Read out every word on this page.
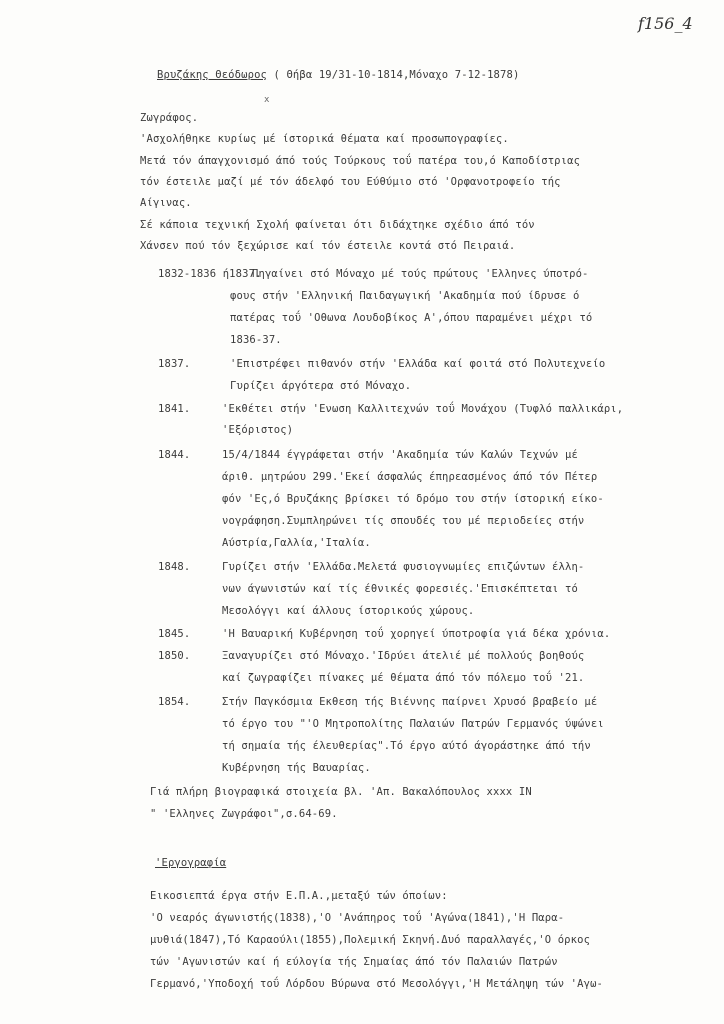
f156_4
Βρυζάκης Θεόδωρος ( Θήβα 19/31-10-1814,Μόναχο 7-12-1878)
x
Ζωγράφος.
'Ασχολήθηκε κυρίως μέ ίστορικά θέματα καί προσωπογραφίες.
Μετά τόν άπαγχονισμό άπό τούς Τούρκους τοΰ πατέρα του,ό Καποδίστριας
τόν έστειλε μαζί μέ τόν άδελφό του Εύθύμιο στό 'Ορφανοτροφείο τής
Αίγινας.
Σέ κάποια τεχνική Σχολή φαίνεται ότι διδάχτηκε σχέδιο άπό τόν
Χάνσεν πού τόν ξεχώρισε καί τόν έστειλε κοντά στό Πειραιά.
1832-1836 ή1837.
Πηγαίνει στό Μόναχο μέ τούς πρώτους 'Ελληνες ύποτρό-
φους στήν 'Ελληνική Παιδαγωγική 'Ακαδημία πού ίδρυσε ό
πατέρας τοΰ 'Οθωνα Λουδοβίκος Α',όπου παραμένει μέχρι τό
1836-37.
1837.	'Επιστρέφει πιθανόν στήν 'Ελλάδα καί φοιτά στό Πολυτεχνείο
Γυρίζει άργότερα στό Μόναχο.
1841.	'Εκθέτει στήν 'Ενωση Καλλιτεχνών τοΰ Μονάχου (Τυφλό παλλικάρι,
'Εξόριστος)
1844.	15/4/1844 έγγράφεται στήν 'Ακαδημία τών Καλών Τεχνών μέ
άριθ. μητρώου 299.'Εκεί άσφαλώς έπηρεασμένος άπό τόν Πέτερ
φόν 'Ες,ό Βρυζάκης βρίσκει τό δρόμο του στήν ίστορική είκο-
νογράφηση.Συμπληρώνει τίς σπουδές του μέ περιοδείες στήν
Αύστρία,Γαλλία,'Ιταλία.
1848.	Γυρίζει στήν 'Ελλάδα.Μελετά φυσιογνωμίες επιζώντων έλλη-
νων άγωνιστών καί τίς έθνικές φορεσιές.'Επισκέπτεται τό
Μεσολόγγι καί άλλους ίστορικούς χώρους.
1845.	'Η Βαυαρική Κυβέρνηση τοΰ χορηγεί ύποτροφία γιά δέκα χρόνια.
1850.	Ξαναγυρίζει στό Μόναχο.'Ιδρύει άτελιέ μέ πολλούς βοηθούς
καί ζωγραφίζει πίνακες μέ θέματα άπό τόν πόλεμο τοΰ '21.
1854.	Στήν Παγκόσμια Εκθεση τής Βιέννης παίρνει Χρυσό βραβείο μέ
τό έργο του "'Ο Μητροπολίτης Παλαιών Πατρών Γερμανός ύψώνει
τή σημαία τής έλευθερίας".Τό έργο αύτό άγοράστηκε άπό τήν
Κυβέρνηση τής Βαυαρίας.
Γιά πλήρη βιογραφικά στοιχεία βλ. 'Απ. Βακαλόπουλος xxxx ΙΝ
" 'Ελληνες Ζωγράφοι",σ.64-69.
'Εργογραφία
Εικοσιεπτά έργα στήν Ε.Π.Α.,μεταξύ τών όποίων:
'Ο νεαρός άγωνιστής(1838),'Ο 'Ανάπηρος τοΰ 'Αγώνα(1841),'Η Παρα-
μυθιά(1847),Τό Καραούλι(1855),Πολεμική Σκηνή.Δυό παραλλαγές,'Ο όρκος
τών 'Αγωνιστών καί ή εύλογία τής Σημαίας άπό τόν Παλαιών Πατρών
Γερμανό,'Υποδοχή τοΰ Λόρδου Βύρωνα στό Μεσολόγγι,'Η Μετάληψη τών 'Αγω-
